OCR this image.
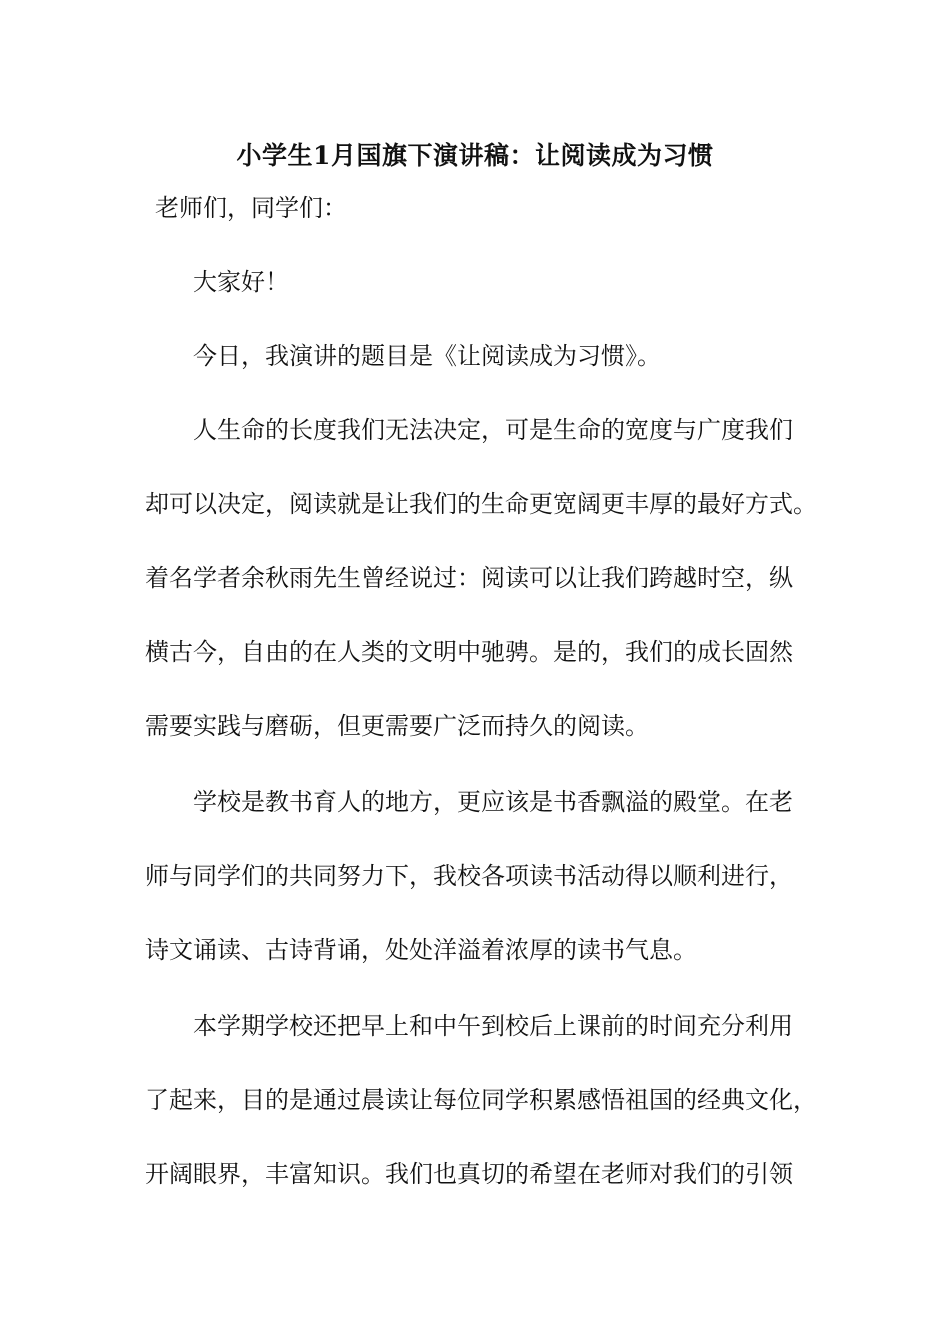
小学生1月国旗下演讲稿：让阅读成为习惯
老师们，同学们：
大家好！
今日，我演讲的题目是《让阅读成为习惯》。
人生命的长度我们无法决定，可是生命的宽度与广度我们
却可以决定，阅读就是让我们的生命更宽阔更丰厚的最好方式。
着名学者余秋雨先生曾经说过：阅读可以让我们跨越时空，纵
横古今，自由的在人类的文明中驰骋。是的，我们的成长固然
需要实践与磨砺，但更需要广泛而持久的阅读。
学校是教书育人的地方，更应该是书香飘溢的殿堂。在老
师与同学们的共同努力下，我校各项读书活动得以顺利进行，
诗文诵读、古诗背诵，处处洋溢着浓厚的读书气息。
本学期学校还把早上和中午到校后上课前的时间充分利用
了起来，目的是通过晨读让每位同学积累感悟祖国的经典文化，
开阔眼界，丰富知识。我们也真切的希望在老师对我们的引领
